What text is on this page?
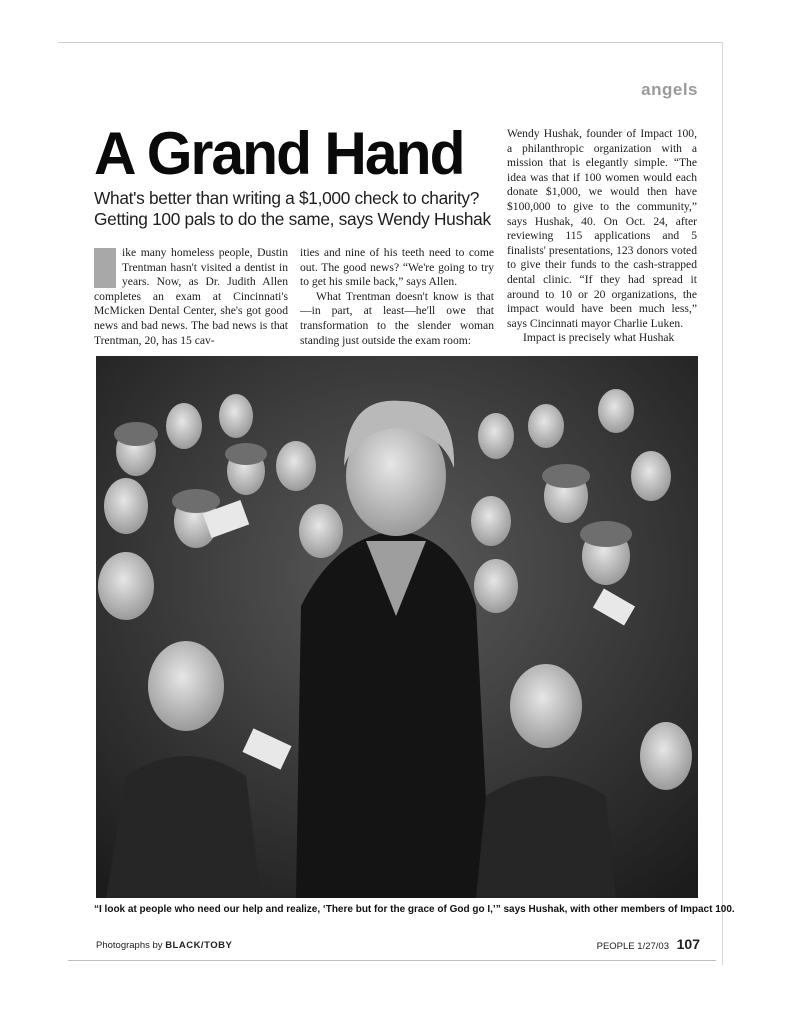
angels
A Grand Hand
What's better than writing a $1,000 check to charity? Getting 100 pals to do the same, says Wendy Hushak

L ike many homeless people, Dustin Trentman hasn't visited a dentist in years. Now, as Dr. Judith Allen completes an exam at Cincinnati's McMicken Dental Center, she's got good news and bad news. The bad news is that Trentman, 20, has 15 cav-

ities and nine of his teeth need to come out. The good news? “We're going to try to get his smile back,” says Allen.

What Trentman doesn't know is that—in part, at least—he'll owe that transformation to the slender woman standing just outside the exam room:

Wendy Hushak, founder of Impact 100, a philanthropic organization with a mission that is elegantly simple. “The idea was that if 100 women would each donate $1,000, we would then have $100,000 to give to the community,” says Hushak, 40. On Oct. 24, after reviewing 115 applications and 5 finalists' presentations, 123 donors voted to give their funds to the cash-strapped dental clinic. “If they had spread it around to 10 or 20 organizations, the impact would have been much less,” says Cincinnati mayor Charlie Luken.

Impact is precisely what Hushak

“I look at people who need our help and realize, ‘There but for the grace of God go I,’” says Hushak, with other members of Impact 100.
Photographs by BLACK/TOBY	PEOPLE 1/27/03 107
